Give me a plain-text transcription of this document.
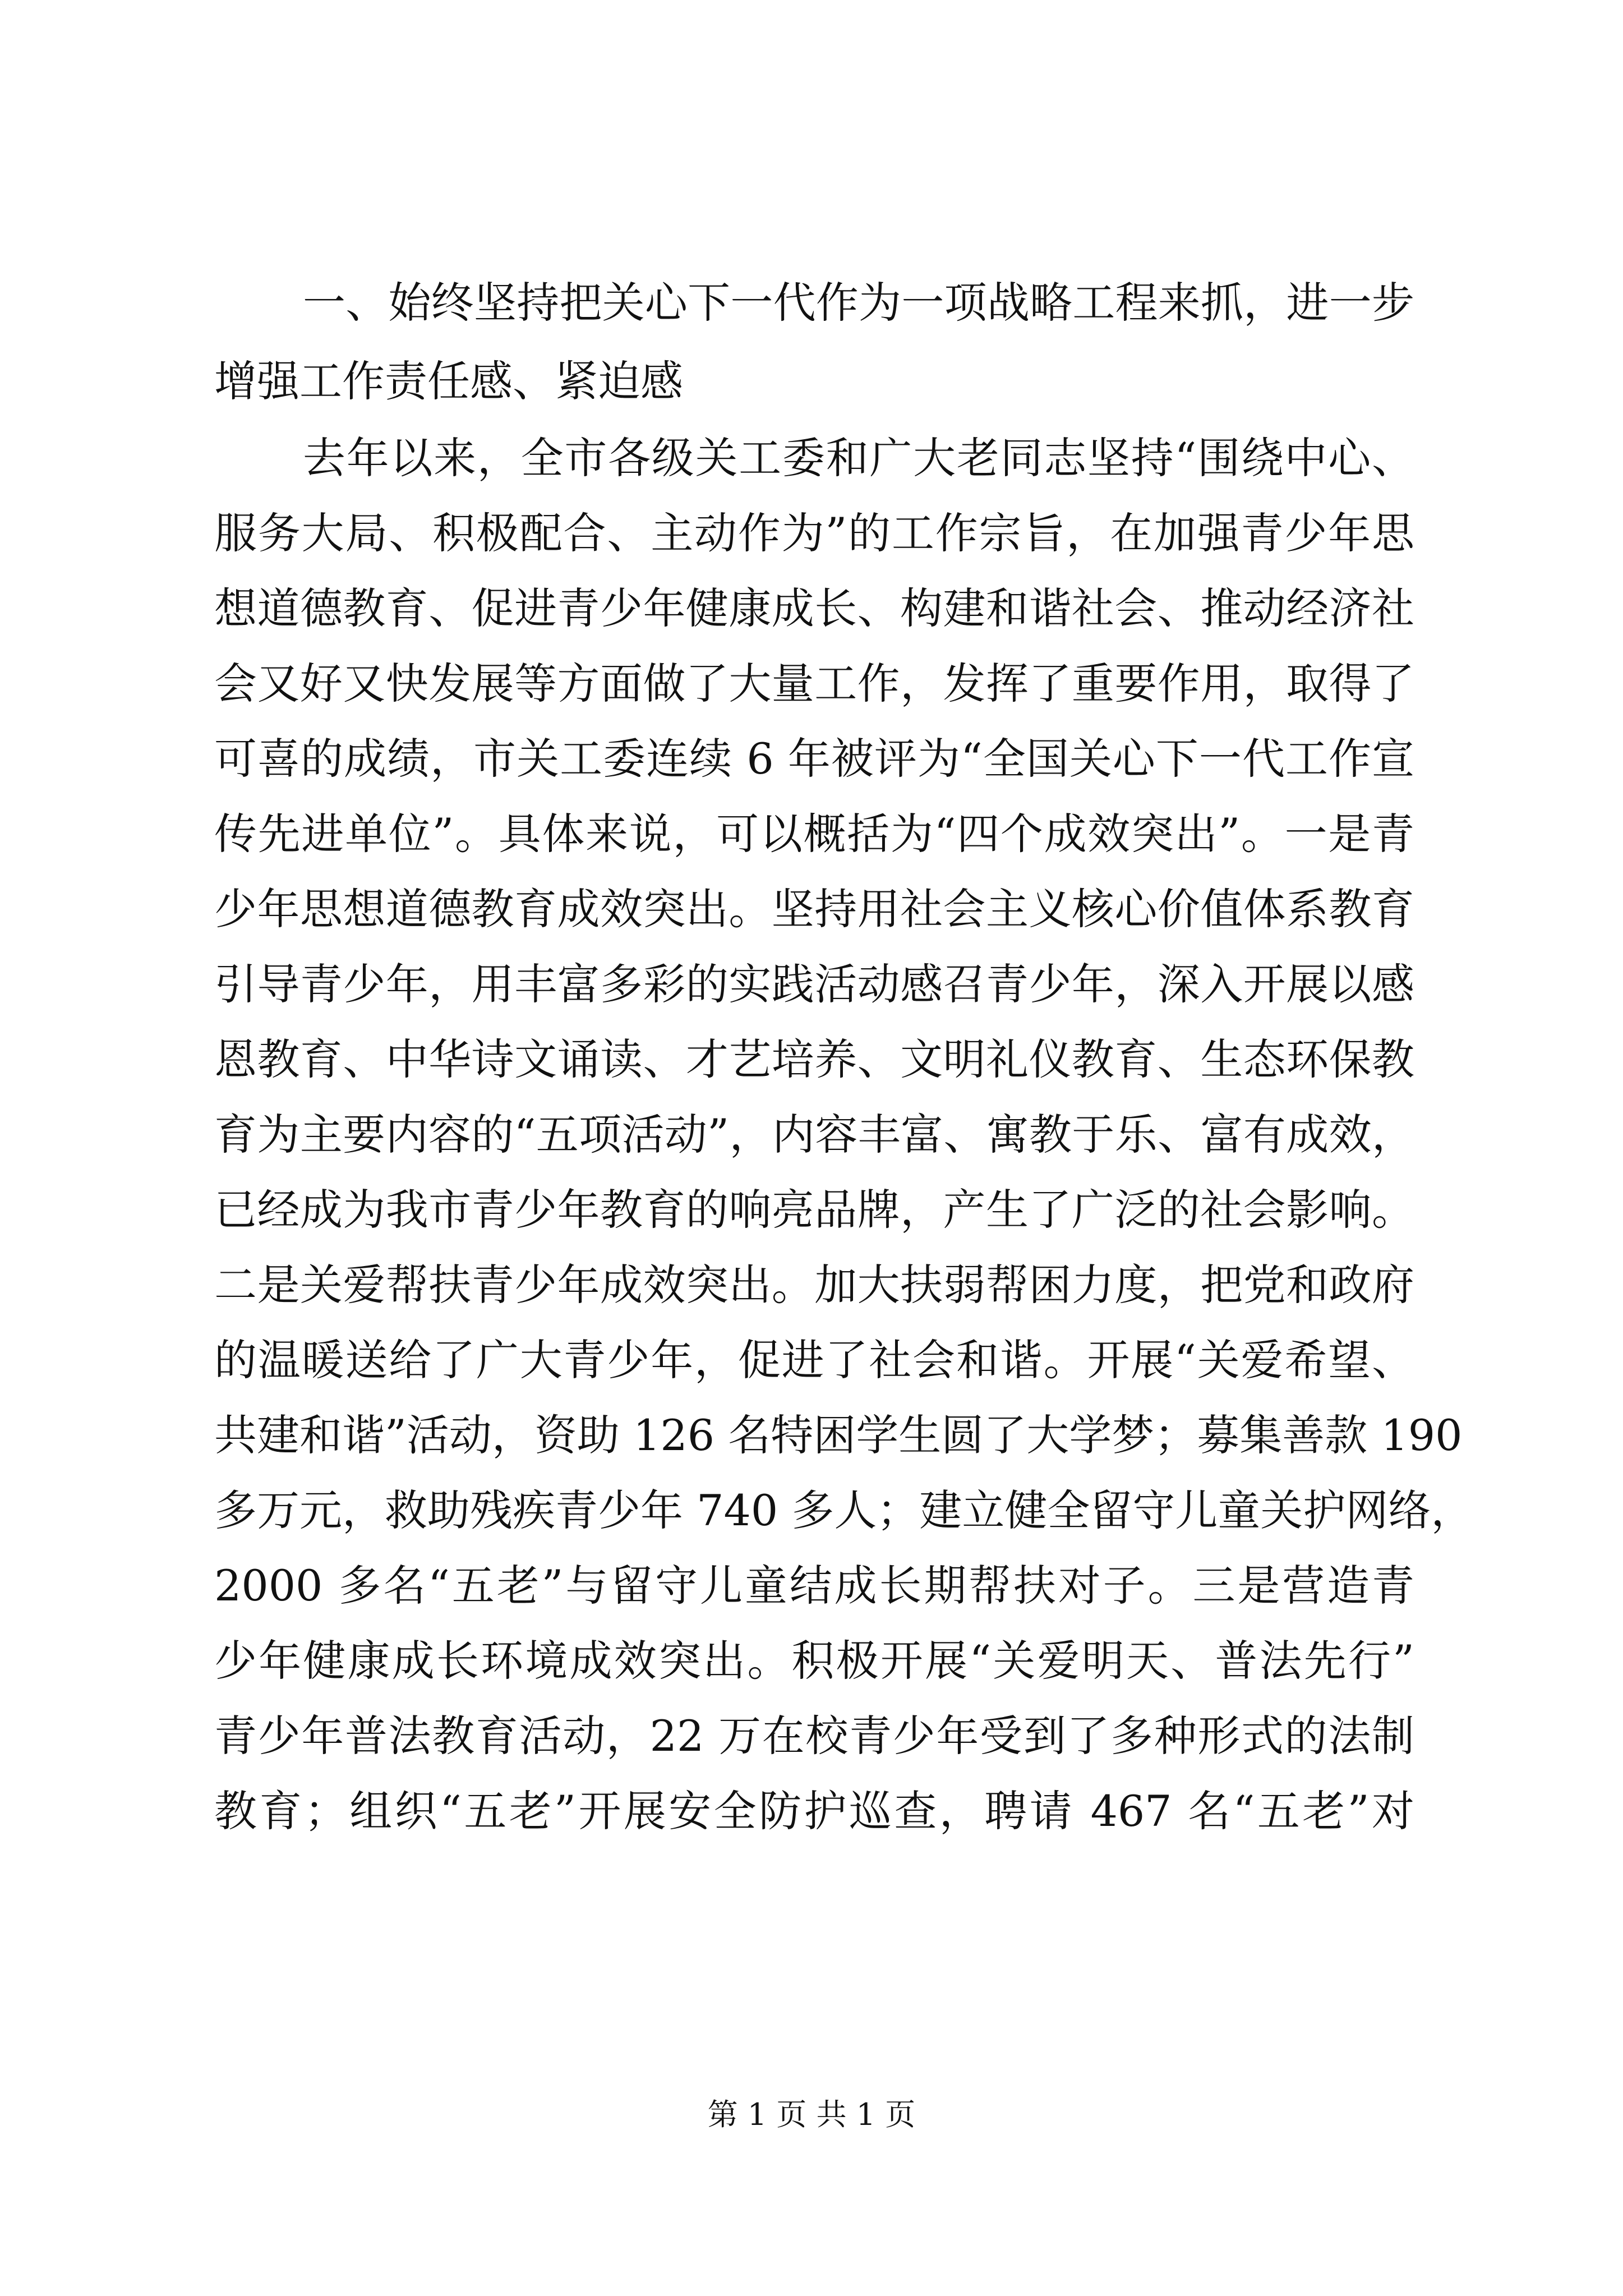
一、始终坚持把关心下一代作为一项战略工程来抓，进一步
增强工作责任感、紧迫感
去年以来，全市各级关工委和广大老同志坚持“围绕中心、
服务大局、积极配合、主动作为”的工作宗旨，在加强青少年思
想道德教育、促进青少年健康成长、构建和谐社会、推动经济社
会又好又快发展等方面做了大量工作，发挥了重要作用，取得了
可喜的成绩，市关工委连续 6 年被评为“全国关心下一代工作宣
传先进单位”。具体来说，可以概括为“四个成效突出”。一是青
少年思想道德教育成效突出。坚持用社会主义核心价值体系教育
引导青少年，用丰富多彩的实践活动感召青少年，深入开展以感
恩教育、中华诗文诵读、才艺培养、文明礼仪教育、生态环保教
育为主要内容的“五项活动”，内容丰富、寓教于乐、富有成效，
已经成为我市青少年教育的响亮品牌，产生了广泛的社会影响。
二是关爱帮扶青少年成效突出。加大扶弱帮困力度，把党和政府
的温暖送给了广大青少年，促进了社会和谐。开展“关爱希望、
共建和谐”活动，资助 126 名特困学生圆了大学梦；募集善款 190
多万元，救助残疾青少年 740 多人；建立健全留守儿童关护网络，
2000 多名“五老”与留守儿童结成长期帮扶对子。三是营造青
少年健康成长环境成效突出。积极开展“关爱明天、普法先行”
青少年普法教育活动，22 万在校青少年受到了多种形式的法制
教育；组织“五老”开展安全防护巡查，聘请 467 名“五老”对
第 1 页 共 1 页
